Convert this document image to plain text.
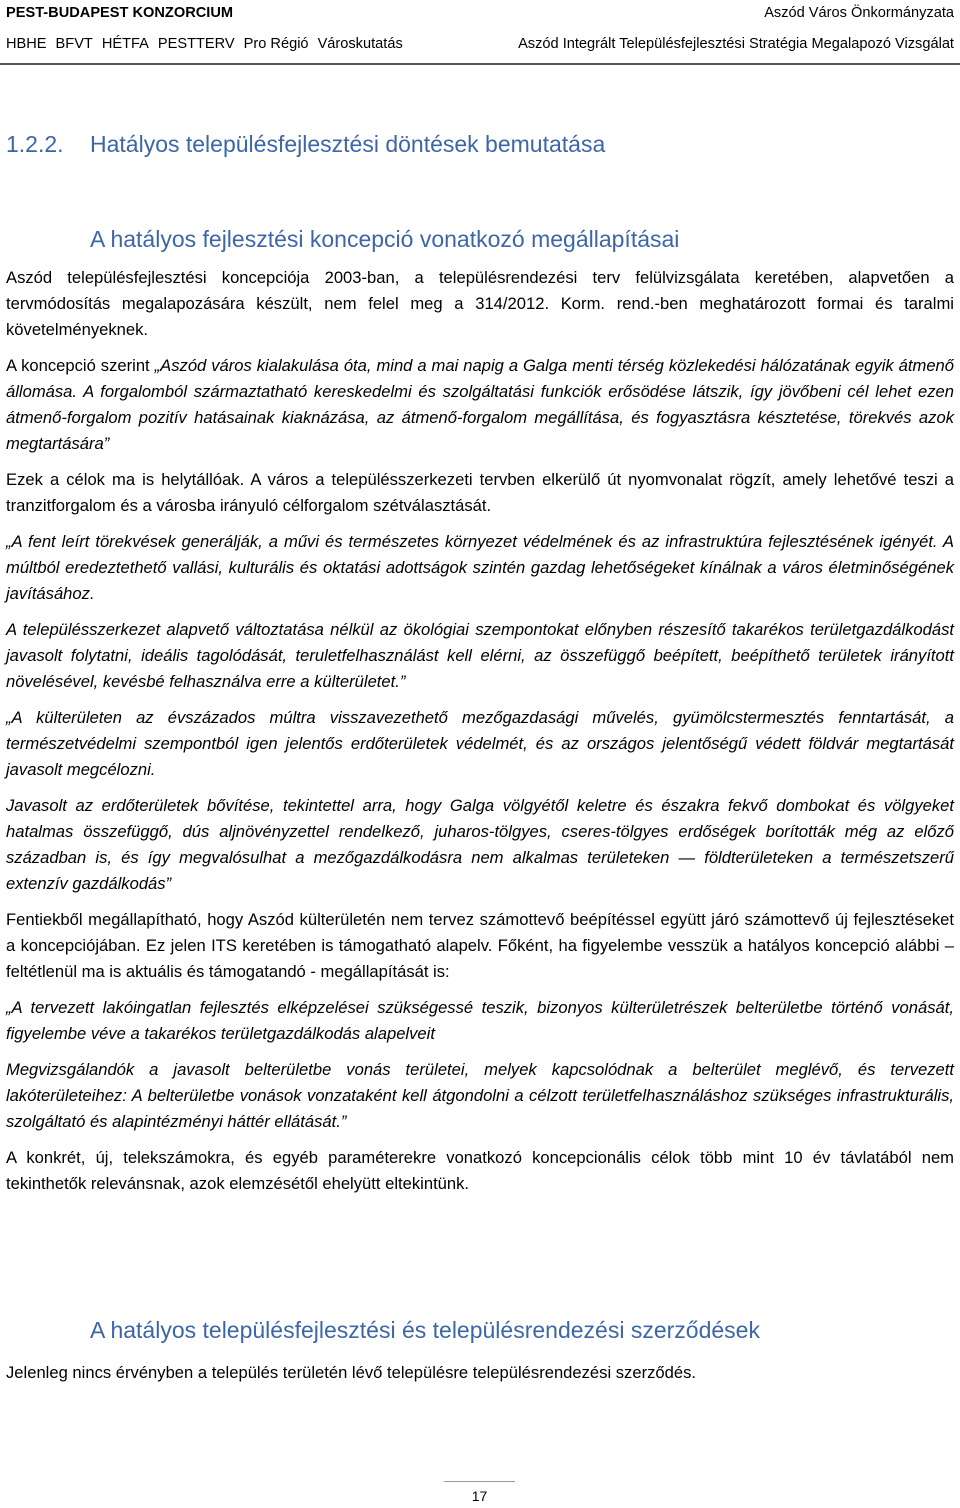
PEST-BUDAPEST KONZORCIUM	Aszód Város Önkormányzata
HBHE BFVT HÉTFA PESTTERV Pro Régió Városkutatás	Aszód Integrált Településfejlesztési Stratégia Megalapozó Vizsgálat
1.2.2. Hatályos településfejlesztési döntések bemutatása
A hatályos fejlesztési koncepció vonatkozó megállapításai

Aszód településfejlesztési koncepciója 2003-ban, a településrendezési terv felülvizsgálata keretében, alapvetően a tervmódosítás megalapozására készült, nem felel meg a 314/2012. Korm. rend.-ben meghatározott formai és taralmi követelményeknek.

A koncepció szerint „Aszód város kialakulása óta, mind a mai napig a Galga menti térség közlekedési hálózatának egyik átmenő állomása. A forgalomból származtatható kereskedelmi és szolgáltatási funkciók erősödése látszik, így jövőbeni cél lehet ezen átmenő-forgalom pozitív hatásainak kiaknázása, az átmenő-forgalom megállítása, és fogyasztásra késztetése, törekvés azok megtartására”

Ezek a célok ma is helytállóak. A város a településszerkezeti tervben elkerülő út nyomvonalat rögzít, amely lehetővé teszi a tranzitforgalom és a városba irányuló célforgalom szétválasztását.

„A fent leírt törekvések generálják, a művi és természetes környezet védelmének és az infrastruktúra fejlesztésének igényét. A múltból eredeztethető vallási, kulturális és oktatási adottságok szintén gazdag lehetőségeket kínálnak a város életminőségének javításához.

A településszerkezet alapvető változtatása nélkül az ökológiai szempontokat előnyben részesítő takarékos területgazdálkodást javasolt folytatni, ideális tagolódását, teruletfelhasználást kell elérni, az összefüggő beépített, beépíthető területek irányított növelésével, kevésbé felhasználva erre a külterületet.”

„A külterületen az évszázados múltra visszavezethető mezőgazdasági művelés, gyümölcstermesztés fenntartását, a természetvédelmi szempontból igen jelentős erdőterületek védelmét, és az országos jelentőségű védett földvár megtartását javasolt megcélozni.

Javasolt az erdőterületek bővítése, tekintettel arra, hogy Galga völgyétől keletre és északra fekvő dombokat és völgyeket hatalmas összefüggő, dús aljnövényzettel rendelkező, juharos-tölgyes, cseres-tölgyes erdőségek borították még az előző században is, és így megvalósulhat a mezőgazdálkodásra nem alkalmas területeken — földterületeken a természetszerű extenzív gazdálkodás”

Fentiekből megállapítható, hogy Aszód külterületén nem tervez számottevő beépítéssel együtt járó számottevő új fejlesztéseket a koncepciójában. Ez jelen ITS keretében is támogatható alapelv. Főként, ha figyelembe vesszük a hatályos koncepció alábbi – feltétlenül ma is aktuális és támogatandó - megállapítását is:

„A tervezett lakóingatlan fejlesztés elképzelései szükségessé teszik, bizonyos külterületrészek belterületbe történő vonását, figyelembe véve a takarékos területgazdálkodás alapelveit

Megvizsgálandók a javasolt belterületbe vonás területei, melyek kapcsolódnak a belterület meglévő, és tervezett lakóterületeihez: A belterületbe vonások vonzataként kell átgondolni a célzott területfelhasználáshoz szükséges infrastrukturális, szolgáltató és alapintézményi háttér ellátását.”

A konkrét, új, telekszámokra, és egyéb paraméterekre vonatkozó koncepcionális célok több mint 10 év távlatából nem tekinthetők relevánsnak, azok elemzésétől ehelyütt eltekintünk.

A hatályos településfejlesztési és településrendezési szerződések

Jelenleg nincs érvényben a település területén lévő településre településrendezési szerződés.

17
